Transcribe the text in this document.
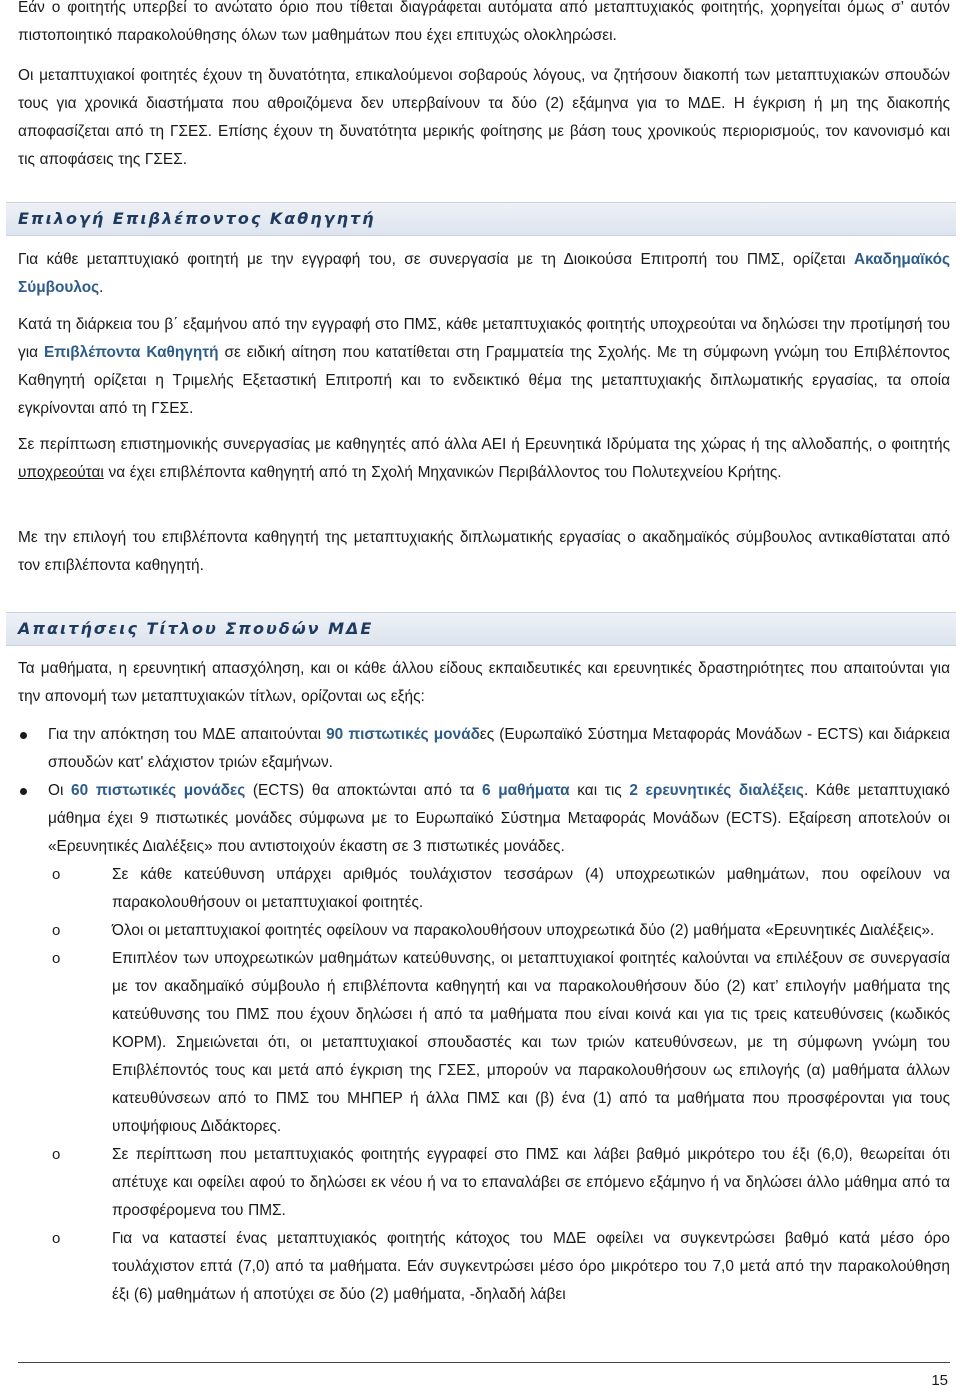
Εάν ο φοιτητής υπερβεί το ανώτατο όριο που τίθεται διαγράφεται αυτόματα από μεταπτυχιακός φοιτητής, χορηγείται όμως σ’ αυτόν πιστοποιητικό παρακολούθησης όλων των μαθημάτων που έχει επιτυχώς ολοκληρώσει.

Οι μεταπτυχιακοί φοιτητές έχουν τη δυνατότητα, επικαλούμενοι σοβαρούς λόγους, να ζητήσουν διακοπή των μεταπτυχιακών σπουδών τους για χρονικά διαστήματα που αθροιζόμενα δεν υπερβαίνουν τα δύο (2) εξάμηνα για το ΜΔΕ. Η έγκριση ή μη της διακοπής αποφασίζεται από τη ΓΣΕΣ. Επίσης έχουν τη δυνατότητα μερικής φοίτησης με βάση τους χρονικούς περιορισμούς, τον κανονισμό και τις αποφάσεις της ΓΣΕΣ.

Επιλογή Επιβλέποντος Καθηγητή

Για κάθε μεταπτυχιακό φοιτητή με την εγγραφή του, σε συνεργασία με τη Διοικούσα Επιτροπή του ΠΜΣ, ορίζεται Ακαδημαϊκός Σύμβουλος.

Κατά τη διάρκεια του β΄ εξαμήνου από την εγγραφή στο ΠΜΣ, κάθε μεταπτυχιακός φοιτητής υποχρεούται να δηλώσει την προτίμησή του για Επιβλέποντα Καθηγητή σε ειδική αίτηση που κατατίθεται στη Γραμματεία της Σχολής. Με τη σύμφωνη γνώμη του Επιβλέποντος Καθηγητή ορίζεται η Τριμελής Εξεταστική Επιτροπή και το ενδεικτικό θέμα της μεταπτυχιακής διπλωματικής εργασίας, τα οποία εγκρίνονται από τη ΓΣΕΣ.

Σε περίπτωση επιστημονικής συνεργασίας με καθηγητές από άλλα ΑΕΙ ή Ερευνητικά Ιδρύματα της χώρας ή της αλλοδαπής, ο φοιτητής υποχρεούται να έχει επιβλέποντα καθηγητή από τη Σχολή Μηχανικών Περιβάλλοντος του Πολυτεχνείου Κρήτης.

Με την επιλογή του επιβλέποντα καθηγητή της μεταπτυχιακής διπλωματικής εργασίας ο ακαδημαϊκός σύμβουλος αντικαθίσταται από τον επιβλέποντα καθηγητή.

Απαιτήσεις Τίτλου Σπουδών ΜΔΕ

Τα μαθήματα, η ερευνητική απασχόληση, και οι κάθε άλλου είδους εκπαιδευτικές και ερευνητικές δραστηριότητες που απαιτούνται για την απονομή των μεταπτυχιακών τίτλων, ορίζονται ως εξής:

Για την απόκτηση του ΜΔΕ απαιτούνται 90 πιστωτικές μονάδες (Ευρωπαϊκό Σύστημα Μεταφοράς Μονάδων - ECTS) και διάρκεια σπουδών κατ' ελάχιστον τριών εξαμήνων.
Οι 60 πιστωτικές μονάδες (ECTS) θα αποκτώνται από τα 6 μαθήματα και τις 2 ερευνητικές διαλέξεις. Κάθε μεταπτυχιακό μάθημα έχει 9 πιστωτικές μονάδες σύμφωνα με το Ευρωπαϊκό Σύστημα Μεταφοράς Μονάδων (ECTS). Εξαίρεση αποτελούν οι «Ερευνητικές Διαλέξεις» που αντιστοιχούν έκαστη σε 3 πιστωτικές μονάδες.
o	Σε κάθε κατεύθυνση υπάρχει αριθμός τουλάχιστον τεσσάρων (4) υποχρεωτικών μαθημάτων, που οφείλουν να παρακολουθήσουν οι μεταπτυχιακοί φοιτητές.
o	Όλοι οι μεταπτυχιακοί φοιτητές οφείλουν να παρακολουθήσουν υποχρεωτικά δύο (2) μαθήματα «Ερευνητικές Διαλέξεις».
o	Επιπλέον των υποχρεωτικών μαθημάτων κατεύθυνσης, οι μεταπτυχιακοί φοιτητές καλούνται να επιλέξουν σε συνεργασία με τον ακαδημαϊκό σύμβουλο ή επιβλέποντα καθηγητή και να παρακολουθήσουν δύο (2) κατ’ επιλογήν μαθήματα της κατεύθυνσης του ΠΜΣ που έχουν δηλώσει ή από τα μαθήματα που είναι κοινά και για τις τρεις κατευθύνσεις (κωδικός ΚΟΡΜ). Σημειώνεται ότι, οι μεταπτυχιακοί σπουδαστές και των τριών κατευθύνσεων, με τη σύμφωνη γνώμη του Επιβλέποντός τους και μετά από έγκριση της ΓΣΕΣ, μπορούν να παρακολουθήσουν ως επιλογής (α) μαθήματα άλλων κατευθύνσεων από το ΠΜΣ του ΜΗΠΕΡ ή άλλα ΠΜΣ και (β) ένα (1) από τα μαθήματα που προσφέρονται για τους υποψήφιους Διδάκτορες.
o	Σε περίπτωση που μεταπτυχιακός φοιτητής εγγραφεί στο ΠΜΣ και λάβει βαθμό μικρότερο του έξι (6,0), θεωρείται ότι απέτυχε και οφείλει αφού το δηλώσει εκ νέου ή να το επαναλάβει σε επόμενο εξάμηνο ή να δηλώσει άλλο μάθημα από τα προσφέρομενα του ΠΜΣ.
o	Για να καταστεί ένας μεταπτυχιακός φοιτητής κάτοχος του ΜΔΕ οφείλει να συγκεντρώσει βαθμό κατά μέσο όρο τουλάχιστον επτά (7,0) από τα μαθήματα. Εάν συγκεντρώσει μέσο όρο μικρότερο του 7,0 μετά από την παρακολούθηση έξι (6) μαθημάτων ή αποτύχει σε δύο (2) μαθήματα, -δηλαδή λάβει
15
